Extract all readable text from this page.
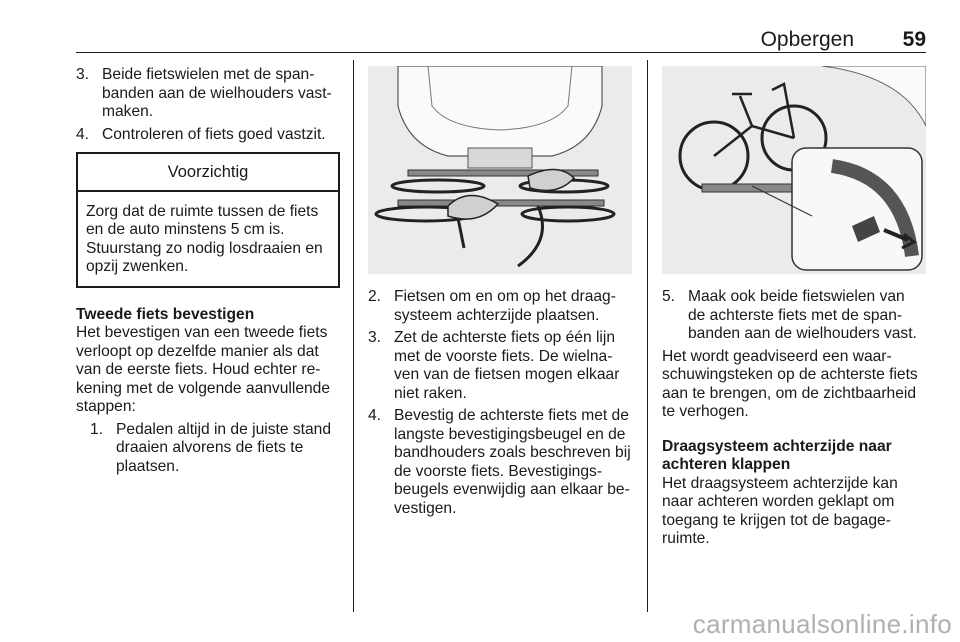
Opbergen 59
3. Beide fietswielen met de spanbanden aan de wielhouders vastmaken.
4. Controleren of fiets goed vastzit.
Voorzichtig
Zorg dat de ruimte tussen de fiets en de auto minstens 5 cm is. Stuurstang zo nodig losdraaien en opzij zwenken.
Tweede fiets bevestigen

Het bevestigen van een tweede fiets verloopt op dezelfde manier als dat van de eerste fiets. Houd echter rekening met de volgende aanvullende stappen:

1. Pedalen altijd in de juiste stand draaien alvorens de fiets te plaatsen.
2. Fietsen om en om op het draagsysteem achterzijde plaatsen.
3. Zet de achterste fiets op één lijn met de voorste fiets. De wielnaven van de fietsen mogen elkaar niet raken.
4. Bevestig de achterste fiets met de langste bevestigingsbeugel en de bandhouders zoals beschreven bij de voorste fiets. Bevestigingsbeugels evenwijdig aan elkaar bevestigen.
5. Maak ook beide fietswielen van de achterste fiets met de spanbanden aan de wielhouders vast.

Het wordt geadviseerd een waarschuwingsteken op de achterste fiets aan te brengen, om de zichtbaarheid te verhogen.

Draagsysteem achterzijde naar achteren klappen

Het draagsysteem achterzijde kan naar achteren worden geklapt om toegang te krijgen tot de bagageruimte.

carmanualsonline.info
